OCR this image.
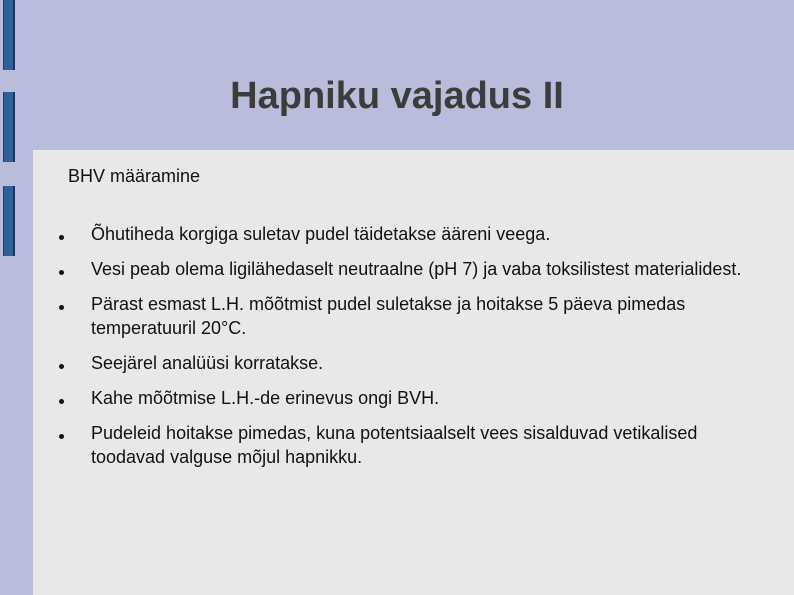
Hapniku vajadus II
BHV määramine
Õhutiheda korgiga suletav pudel täidetakse ääreni veega.
Vesi peab olema ligilähedaselt neutraalne (pH 7) ja vaba toksilistest materialidest.
Pärast esmast L.H. mõõtmist pudel suletakse ja hoitakse 5 päeva pimedas temperatuuril 20°C.
Seejärel analüüsi korratakse.
Kahe mõõtmise L.H.-de erinevus ongi BVH.
Pudeleid hoitakse pimedas, kuna potentsiaalselt vees sisalduvad vetikalised toodavad valguse mõjul hapnikku.
